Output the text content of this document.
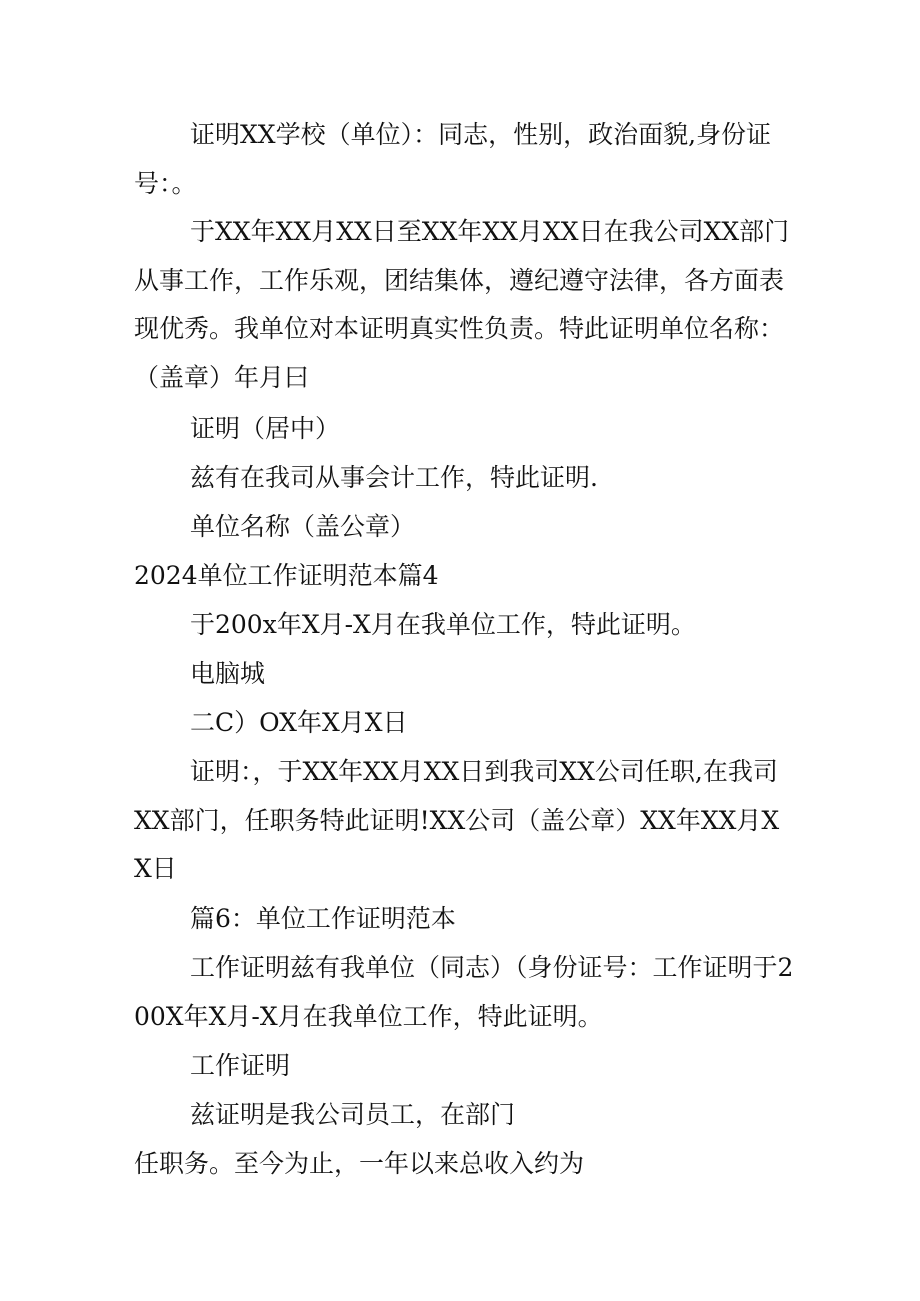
证明XX学校（单位）：同志，性别，政治面貌,身份证号：。

于XX年XX月XX日至XX年XX月XX日在我公司XX部门从事工作，工作乐观，团结集体，遵纪遵守法律，各方面表现优秀。我单位对本证明真实性负责。特此证明单位名称：（盖章）年月曰

证明（居中）

兹有在我司从事会计工作，特此证明.

单位名称（盖公章）

2024单位工作证明范本篇4

于200x年X月-X月在我单位工作，特此证明。

电脑城

二C）OX年X月X日

证明：，于XX年XX月XX日到我司XX公司任职,在我司XX部门，任职务特此证明!XX公司（盖公章）XX年XX月XX日

篇6：单位工作证明范本

工作证明兹有我单位（同志）（身份证号：工作证明于200X年X月-X月在我单位工作，特此证明。

工作证明

兹证明是我公司员工，在部门

任职务。至今为止，一年以来总收入约为
